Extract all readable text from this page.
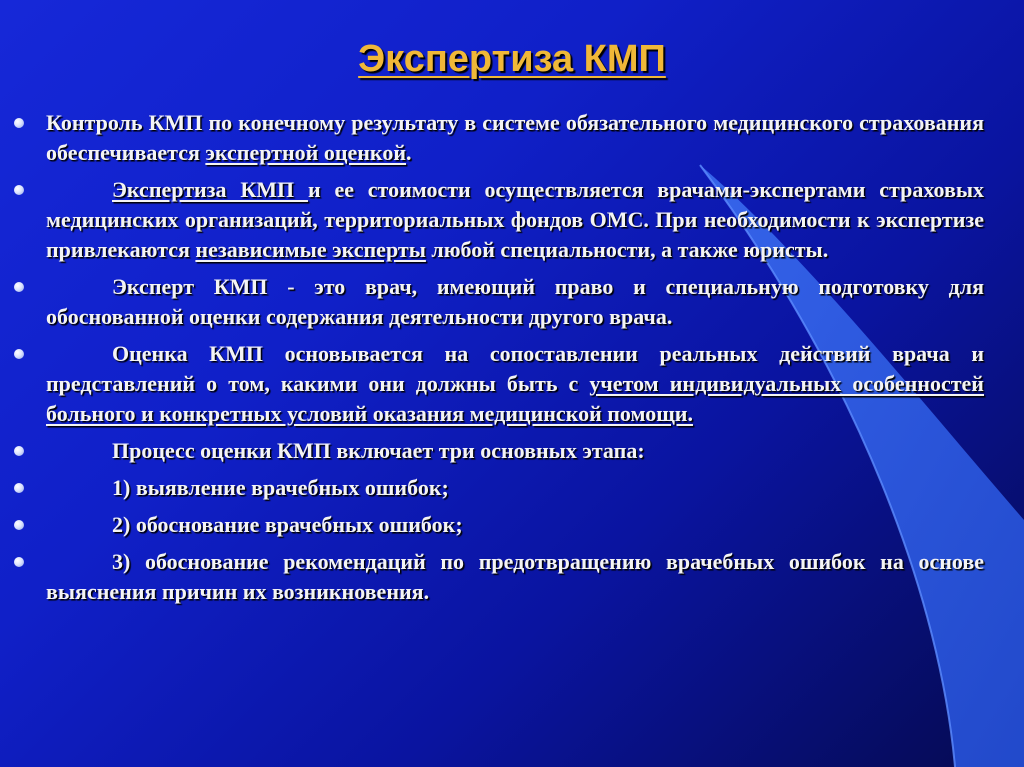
Экспертиза КМП
Контроль КМП по конечному результату в системе обязательного медицинского страхования обеспечивается экспертной оценкой.
Экспертиза КМП и ее стоимости осуществляется врачами-экспертами страховых медицинских организаций, территориальных фондов ОМС. При необходимости к экспертизе привлекаются независимые эксперты любой специальности, а также юристы.
Эксперт КМП - это врач, имеющий право и специальную подготовку для обоснованной оценки содержания деятельности другого врача.
Оценка КМП основывается на сопоставлении реальных действий врача и представлений о том, какими они должны быть с учетом индивидуальных особенностей больного и конкретных условий оказания медицинской помощи.
Процесс оценки КМП включает три основных этапа:
1) выявление врачебных ошибок;
2) обоснование врачебных ошибок;
3) обоснование рекомендаций по предотвращению врачебных ошибок на основе выяснения причин их возникновения.
